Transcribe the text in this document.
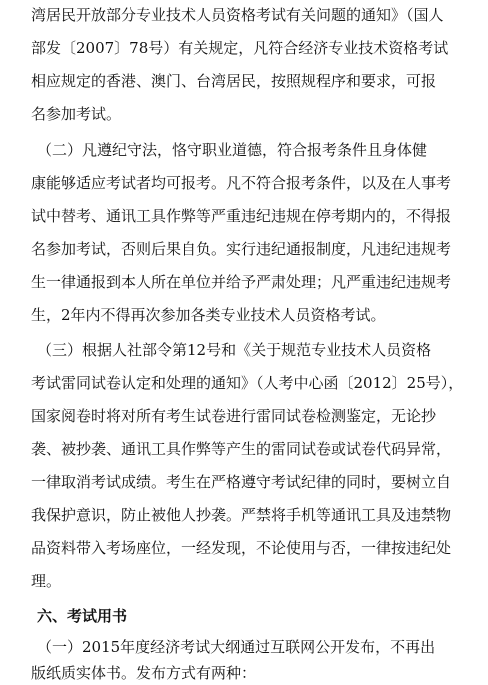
湾居民开放部分专业技术人员资格考试有关问题的通知》（国人
部发〔2007〕78号）有关规定，凡符合经济专业技术资格考试
相应规定的香港、澳门、台湾居民，按照规程序和要求，可报
名参加考试。
（二）凡遵纪守法，恪守职业道德，符合报考条件且身体健
康能够适应考试者均可报考。凡不符合报考条件，以及在人事考
试中替考、通讯工具作弊等严重违纪违规在停考期内的，不得报
名参加考试，否则后果自负。实行违纪通报制度，凡违纪违规考
生一律通报到本人所在单位并给予严肃处理；凡严重违纪违规考
生，2年内不得再次参加各类专业技术人员资格考试。
（三）根据人社部令第12号和《关于规范专业技术人员资格
考试雷同试卷认定和处理的通知》（人考中心函〔2012〕25号），
国家阅卷时将对所有考生试卷进行雷同试卷检测鉴定，无论抄
袭、被抄袭、通讯工具作弊等产生的雷同试卷或试卷代码异常，
一律取消考试成绩。考生在严格遵守考试纪律的同时，要树立自
我保护意识，防止被他人抄袭。严禁将手机等通讯工具及违禁物
品资料带入考场座位，一经发现，不论使用与否，一律按违纪处
理。
六、考试用书
（一）2015年度经济考试大纲通过互联网公开发布，不再出
版纸质实体书。发布方式有两种：
